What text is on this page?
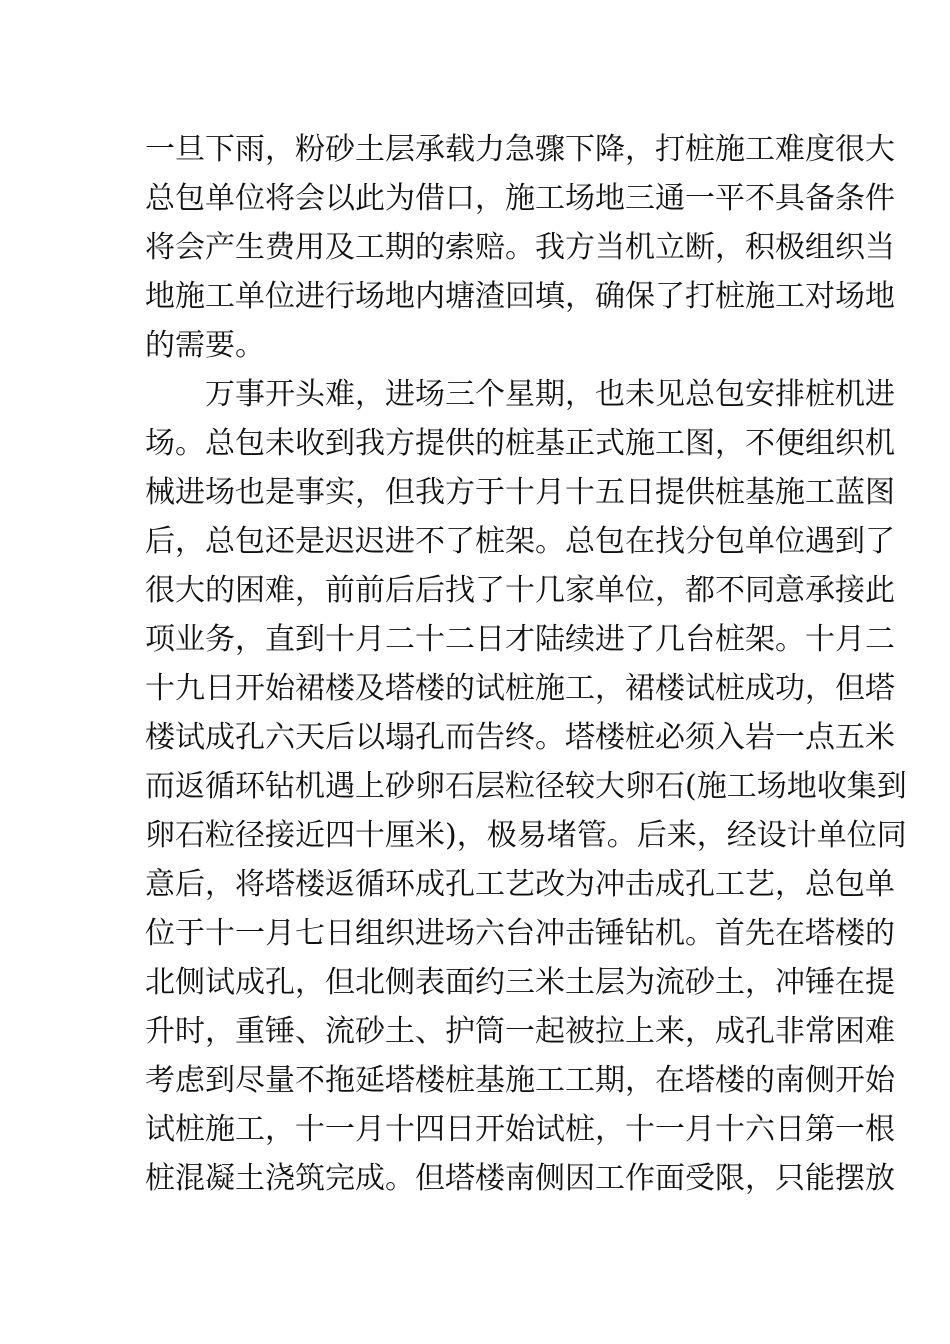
一旦下雨，粉砂土层承载力急骤下降，打桩施工难度很大
总包单位将会以此为借口，施工场地三通一平不具备条件
将会产生费用及工期的索赔。我方当机立断，积极组织当
地施工单位进行场地内塘渣回填，确保了打桩施工对场地
的需要。
万事开头难，进场三个星期，也未见总包安排桩机进
场。总包未收到我方提供的桩基正式施工图，不便组织机
械进场也是事实，但我方于十月十五日提供桩基施工蓝图
后，总包还是迟迟进不了桩架。总包在找分包单位遇到了
很大的困难，前前后后找了十几家单位，都不同意承接此
项业务，直到十月二十二日才陆续进了几台桩架。十月二
十九日开始裙楼及塔楼的试桩施工，裙楼试桩成功，但塔
楼试成孔六天后以塌孔而告终。塔楼桩必须入岩一点五米
而返循环钻机遇上砂卵石层粒径较大卵石(施工场地收集到
卵石粒径接近四十厘米)，极易堵管。后来，经设计单位同
意后，将塔楼返循环成孔工艺改为冲击成孔工艺，总包单
位于十一月七日组织进场六台冲击锤钻机。首先在塔楼的
北侧试成孔，但北侧表面约三米土层为流砂土，冲锤在提
升时，重锤、流砂土、护筒一起被拉上来，成孔非常困难
考虑到尽量不拖延塔楼桩基施工工期，在塔楼的南侧开始
试桩施工，十一月十四日开始试桩，十一月十六日第一根
桩混凝土浇筑完成。但塔楼南侧因工作面受限，只能摆放
